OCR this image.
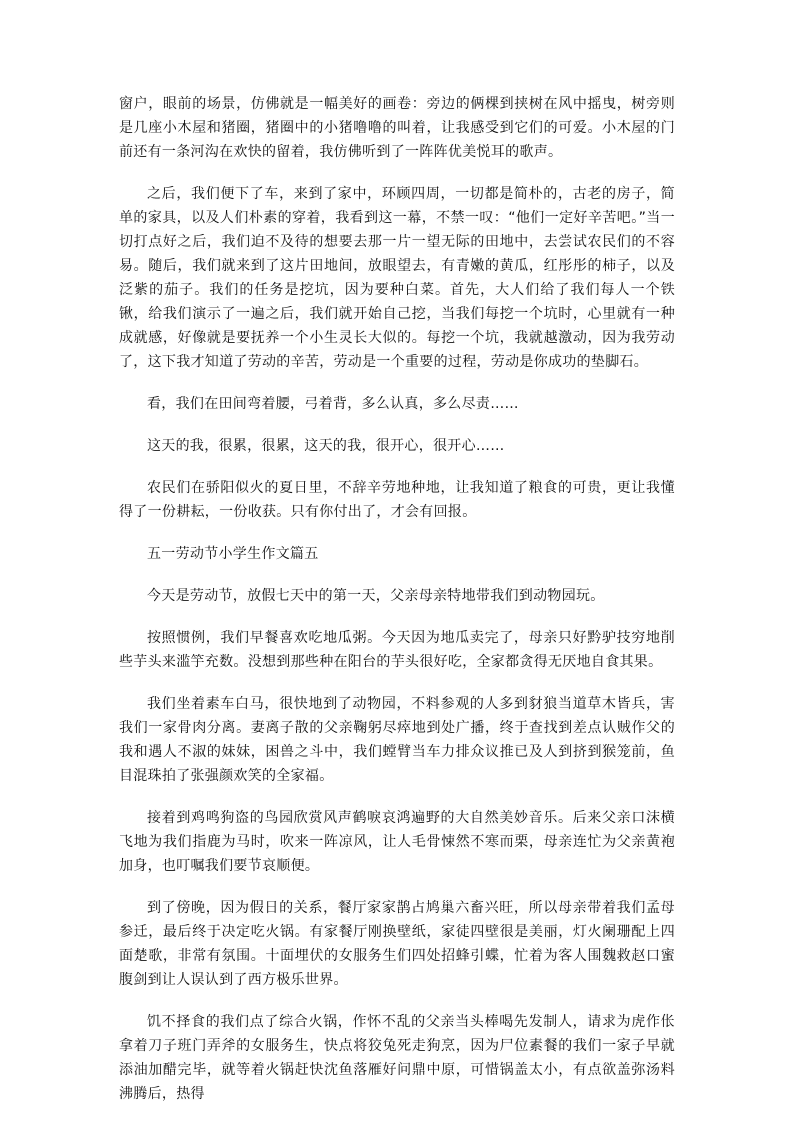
窗户，眼前的场景，仿佛就是一幅美好的画卷：旁边的俩棵到挟树在风中摇曳，树旁则是几座小木屋和猪圈，猪圈中的小猪噜噜的叫着，让我感受到它们的可爱。小木屋的门前还有一条河沟在欢快的留着，我仿佛听到了一阵阵优美悦耳的歌声。

之后，我们便下了车，来到了家中，环顾四周，一切都是简朴的，古老的房子，简单的家具，以及人们朴素的穿着，我看到这一幕，不禁一叹：“他们一定好辛苦吧。”当一切打点好之后，我们迫不及待的想要去那一片一望无际的田地中，去尝试农民们的不容易。随后，我们就来到了这片田地间，放眼望去，有青嫩的黄瓜，红彤彤的柿子，以及泛紫的茄子。我们的任务是挖坑，因为要种白菜。首先，大人们给了我们每人一个铁锹，给我们演示了一遍之后，我们就开始自己挖，当我们每挖一个坑时，心里就有一种成就感，好像就是要抚养一个小生灵长大似的。每挖一个坑，我就越激动，因为我劳动了，这下我才知道了劳动的辛苦，劳动是一个重要的过程，劳动是你成功的垫脚石。

看，我们在田间弯着腰，弓着背，多么认真，多么尽责……

这天的我，很累，很累，这天的我，很开心，很开心……

农民们在骄阳似火的夏日里，不辞辛劳地种地，让我知道了粮食的可贵，更让我懂得了一份耕耘，一份收获。只有你付出了，才会有回报。

五一劳动节小学生作文篇五

今天是劳动节，放假七天中的第一天，父亲母亲特地带我们到动物园玩。

按照惯例，我们早餐喜欢吃地瓜粥。今天因为地瓜卖完了，母亲只好黔驴技穷地削些芋头来滥竽充数。没想到那些种在阳台的芋头很好吃，全家都贪得无厌地自食其果。

我们坐着素车白马，很快地到了动物园，不料参观的人多到豺狼当道草木皆兵，害我们一家骨肉分离。妻离子散的父亲鞠躬尽瘁地到处广播，终于查找到差点认贼作父的我和遇人不淑的妹妹，困兽之斗中，我们螳臂当车力排众议推已及人到挤到猴笼前，鱼目混珠拍了张强颜欢笑的全家福。

接着到鸡鸣狗盗的鸟园欣赏风声鹤唳哀鸿遍野的大自然美妙音乐。后来父亲口沫横飞地为我们指鹿为马时，吹来一阵凉风，让人毛骨悚然不寒而栗，母亲连忙为父亲黄袍加身，也叮嘱我们要节哀顺便。

到了傍晚，因为假日的关系，餐厅家家鹊占鸠巢六畜兴旺，所以母亲带着我们孟母参迁，最后终于决定吃火锅。有家餐厅刚换壁纸，家徒四壁很是美丽，灯火阑珊配上四面楚歌，非常有氛围。十面埋伏的女服务生们四处招蜂引蝶，忙着为客人围魏救赵口蜜腹剑到让人误认到了西方极乐世界。

饥不择食的我们点了综合火锅，作怀不乱的父亲当头棒喝先发制人，请求为虎作伥拿着刀子班门弄斧的女服务生，快点将狡兔死走狗烹，因为尸位素餐的我们一家子早就添油加醋完毕，就等着火锅赶快沈鱼落雁好问鼎中原，可惜锅盖太小，有点欲盖弥汤料沸腾后，热得
